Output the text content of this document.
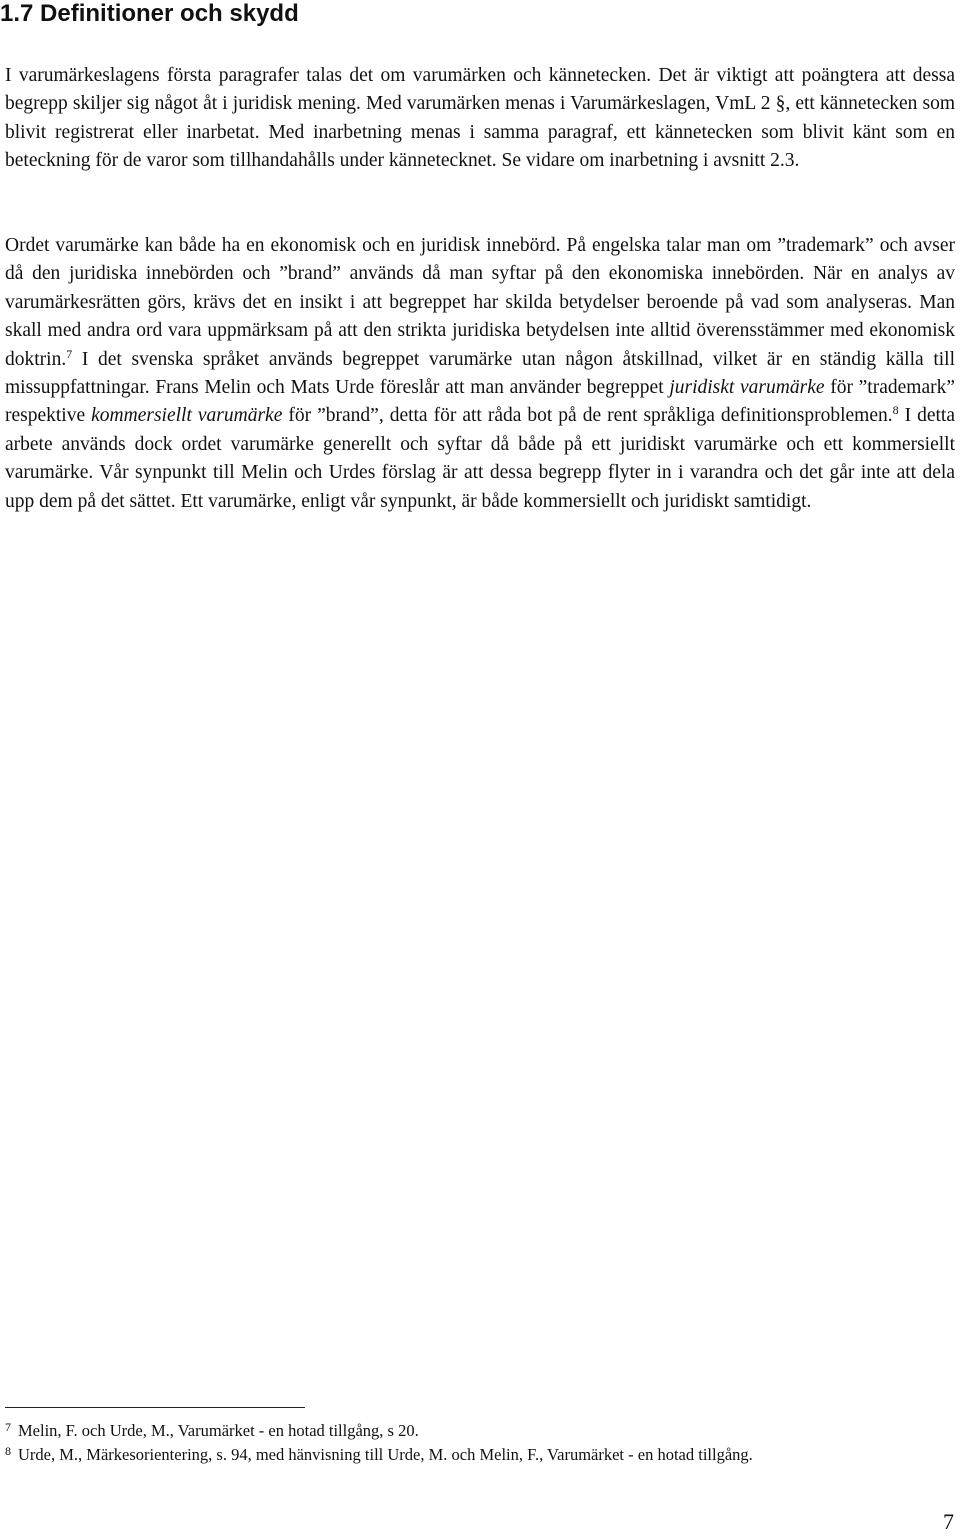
1.7 Definitioner och skydd

I varumärkeslagens första paragrafer talas det om varumärken och kännetecken. Det är viktigt att poängtera att dessa begrepp skiljer sig något åt i juridisk mening. Med varumärken menas i Varumärkeslagen, VmL 2 §, ett kännetecken som blivit registrerat eller inarbetat. Med inarbetning menas i samma paragraf, ett kännetecken som blivit känt som en beteckning för de varor som tillhandahålls under kännetecknet. Se vidare om inarbetning i avsnitt 2.3.

Ordet varumärke kan både ha en ekonomisk och en juridisk innebörd. På engelska talar man om ”trademark” och avser då den juridiska innebörden och ”brand” används då man syftar på den ekonomiska innebörden. När en analys av varumärkesrätten görs, krävs det en insikt i att begreppet har skilda betydelser beroende på vad som analyseras. Man skall med andra ord vara uppmärksam på att den strikta juridiska betydelsen inte alltid överensstämmer med ekonomisk doktrin.$^7$ I det svenska språket används begreppet varumärke utan någon åtskillnad, vilket är en ständig källa till missuppfattningar. Frans Melin och Mats Urde föreslår att man använder begreppet juridiskt varumärke för ”trademark” respektive kommersiellt varumärke för ”brand”, detta för att råda bot på de rent språkliga definitionsproblemen.$^8$ I detta arbete används dock ordet varumärke generellt och syftar då både på ett juridiskt varumärke och ett kommersiellt varumärke. Vår synpunkt till Melin och Urdes förslag är att dessa begrepp flyter in i varandra och det går inte att dela upp dem på det sättet. Ett varumärke, enligt vår synpunkt, är både kommersiellt och juridiskt samtidigt.

7 Melin, F. och Urde, M., Varumärket - en hotad tillgång, s 20.

8 Urde, M., Märkesorientering, s. 94, med hänvisning till Urde, M. och Melin, F., Varumärket - en hotad tillgång.

7
